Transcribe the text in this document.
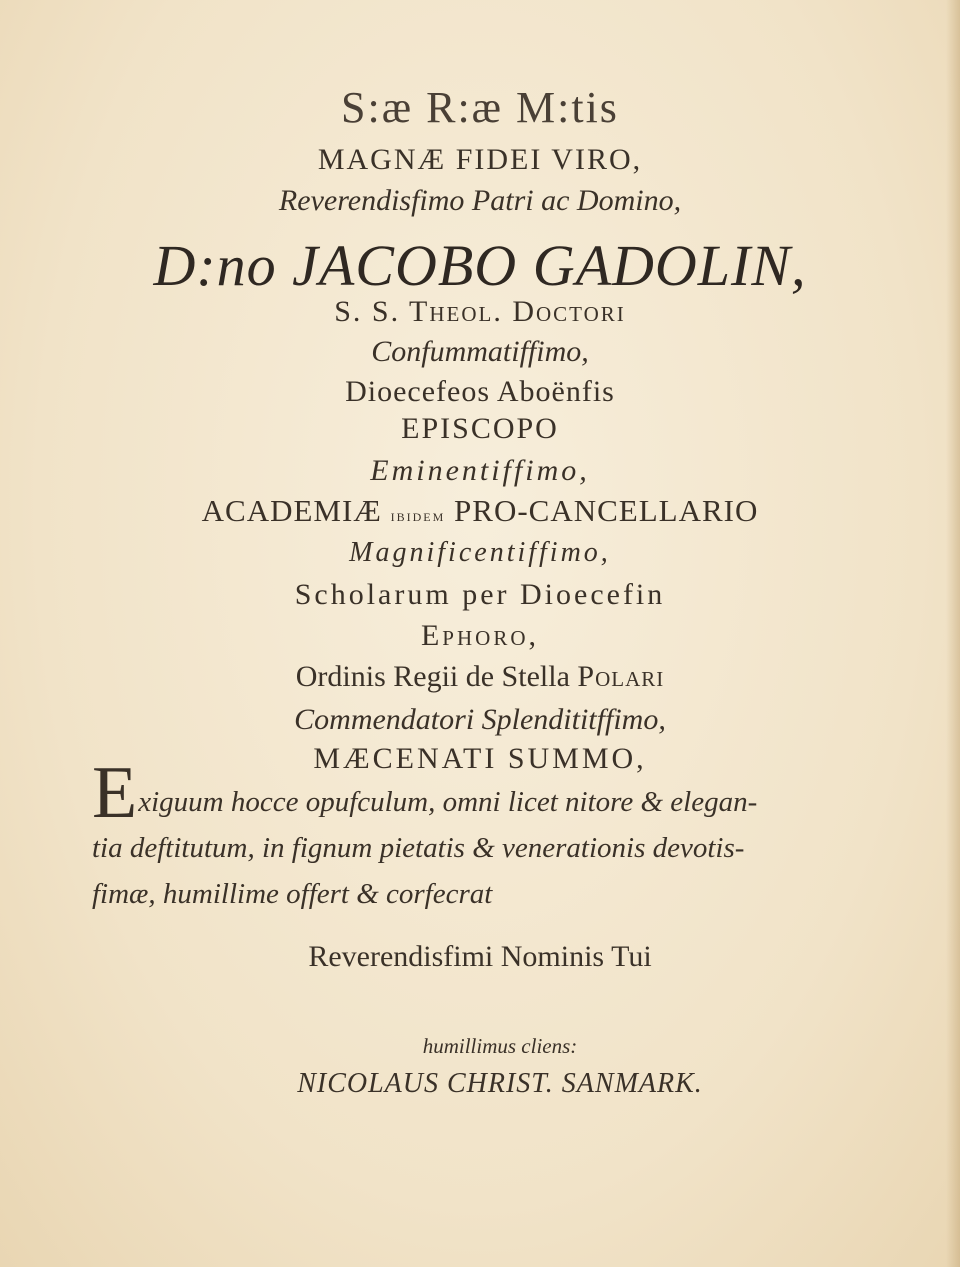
S:æ R:æ M:tis
MAGNÆ FIDEI VIRO,
Reverendisfimo Patri ac Domino,
D:no JACOBO GADOLIN,
S. S. Theol. Doctori
Confummatiffimo,
Dioecefeos Aboënfis
EPISCOPO
Eminentiffimo,
ACADEMIÆ ibidem PRO-CANCELLARIO
Magnificentiffimo,
Scholarum per Dioecefin
Ephoro,
Ordinis Regii de Stella Polari
Commendatori Splendititffimo,
MÆCENATI SUMMO,
Exiguum hocce opufculum, omni licet nitore & elegan-
tia deftitutum, in fignum pietatis & venerationis devotis-
fimæ, humillime offert & corfecrat
Reverendisfimi Nominis Tui
humillimus cliens:
NICOLAUS CHRIST. SANMARK.
